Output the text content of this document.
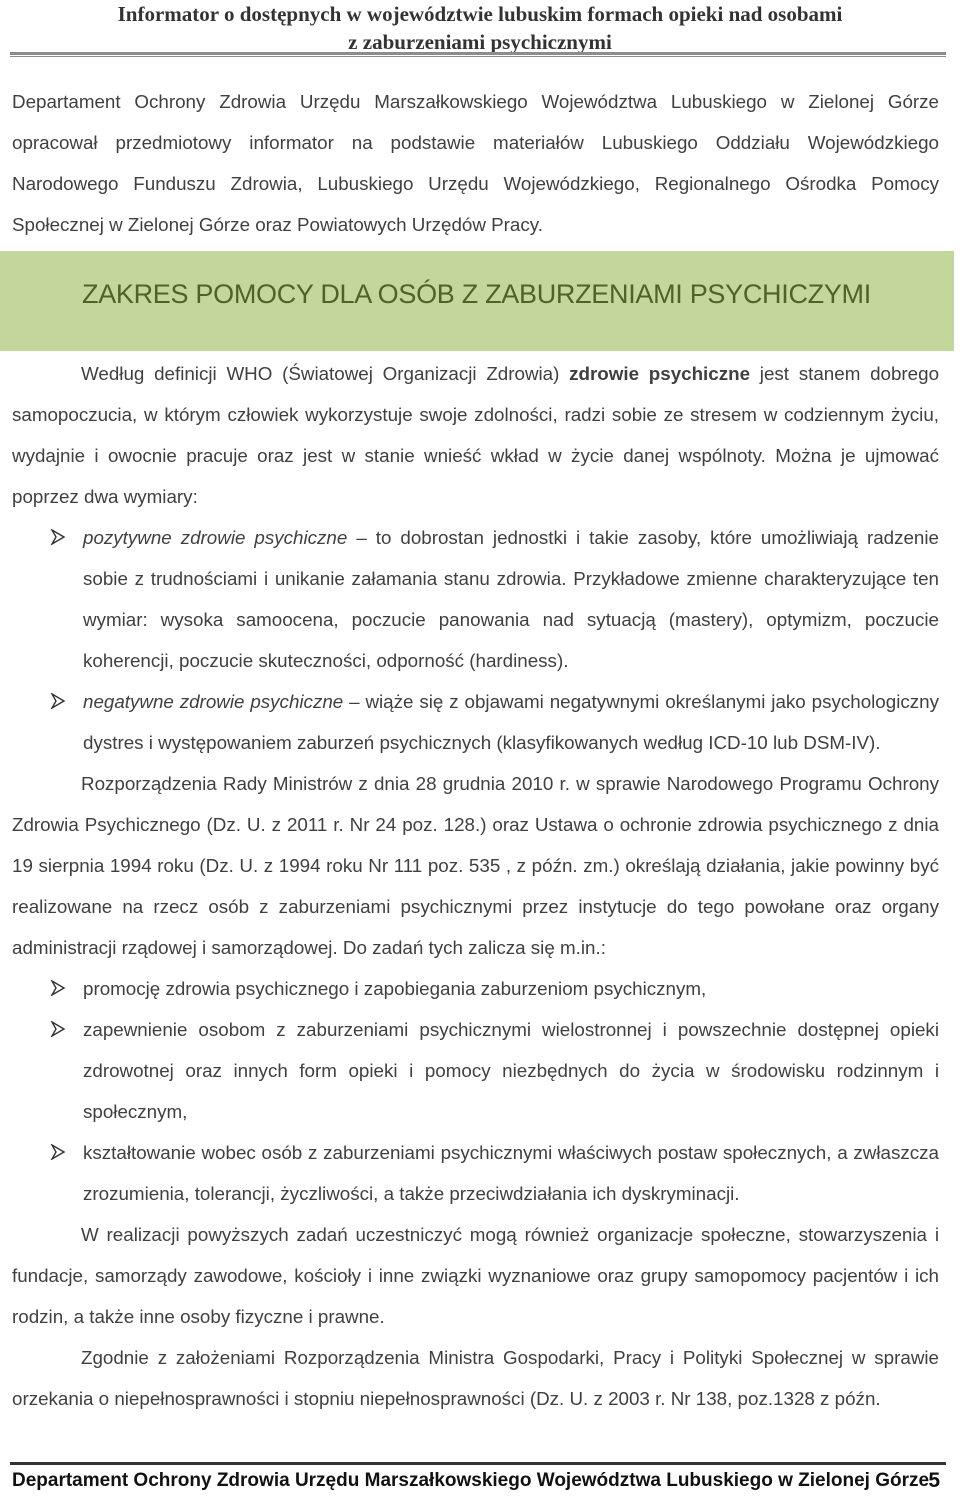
Informator o dostępnych w województwie lubuskim formach opieki nad osobami
z zaburzeniami psychicznymi

Departament Ochrony Zdrowia Urzędu Marszałkowskiego Województwa Lubuskiego w Zielonej Górze opracował przedmiotowy informator na podstawie materiałów Lubuskiego Oddziału Wojewódzkiego Narodowego Funduszu Zdrowia, Lubuskiego Urzędu Wojewódzkiego, Regionalnego Ośrodka Pomocy Społecznej w Zielonej Górze oraz Powiatowych Urzędów Pracy.

ZAKRES POMOCY DLA OSÓB Z ZABURZENIAMI PSYCHICZYMI

Według definicji WHO (Światowej Organizacji Zdrowia) zdrowie psychiczne jest stanem dobrego samopoczucia, w którym człowiek wykorzystuje swoje zdolności, radzi sobie ze stresem w codziennym życiu, wydajnie i owocnie pracuje oraz jest w stanie wnieść wkład w życie danej wspólnoty. Można je ujmować poprzez dwa wymiary:

pozytywne zdrowie psychiczne – to dobrostan jednostki i takie zasoby, które umożliwiają radzenie sobie z trudnościami i unikanie załamania stanu zdrowia. Przykładowe zmienne charakteryzujące ten wymiar: wysoka samoocena, poczucie panowania nad sytuacją (mastery), optymizm, poczucie koherencji, poczucie skuteczności, odporność (hardiness).
negatywne zdrowie psychiczne – wiąże się z objawami negatywnymi określanymi jako psychologiczny dystres i występowaniem zaburzeń psychicznych (klasyfikowanych według ICD-10 lub DSM-IV).

Rozporządzenia Rady Ministrów z dnia 28 grudnia 2010 r. w sprawie Narodowego Programu Ochrony Zdrowia Psychicznego (Dz. U. z 2011 r. Nr 24 poz. 128.) oraz Ustawa o ochronie zdrowia psychicznego z dnia 19 sierpnia 1994 roku (Dz. U. z 1994 roku Nr 111 poz. 535 , z późn. zm.) określają działania, jakie powinny być realizowane na rzecz osób z zaburzeniami psychicznymi przez instytucje do tego powołane oraz organy administracji rządowej i samorządowej. Do zadań tych zalicza się m.in.:

promocję zdrowia psychicznego i zapobiegania zaburzeniom psychicznym,
zapewnienie osobom z zaburzeniami psychicznymi wielostronnej i powszechnie dostępnej opieki zdrowotnej oraz innych form opieki i pomocy niezbędnych do życia w środowisku rodzinnym i społecznym,
kształtowanie wobec osób z zaburzeniami psychicznymi właściwych postaw społecznych, a zwłaszcza zrozumienia, tolerancji, życzliwości, a także przeciwdziałania ich dyskryminacji.

W realizacji powyższych zadań uczestniczyć mogą również organizacje społeczne, stowarzyszenia i fundacje, samorządy zawodowe, kościoły i inne związki wyznaniowe oraz grupy samopomocy pacjentów i ich rodzin, a także inne osoby fizyczne i prawne.

Zgodnie z założeniami Rozporządzenia Ministra Gospodarki, Pracy i Polityki Społecznej w sprawie orzekania o niepełnosprawności i stopniu niepełnosprawności (Dz. U. z 2003 r. Nr 138, poz.1328 z późn.

Departament Ochrony Zdrowia Urzędu Marszałkowskiego Województwa Lubuskiego w Zielonej Górze 5
